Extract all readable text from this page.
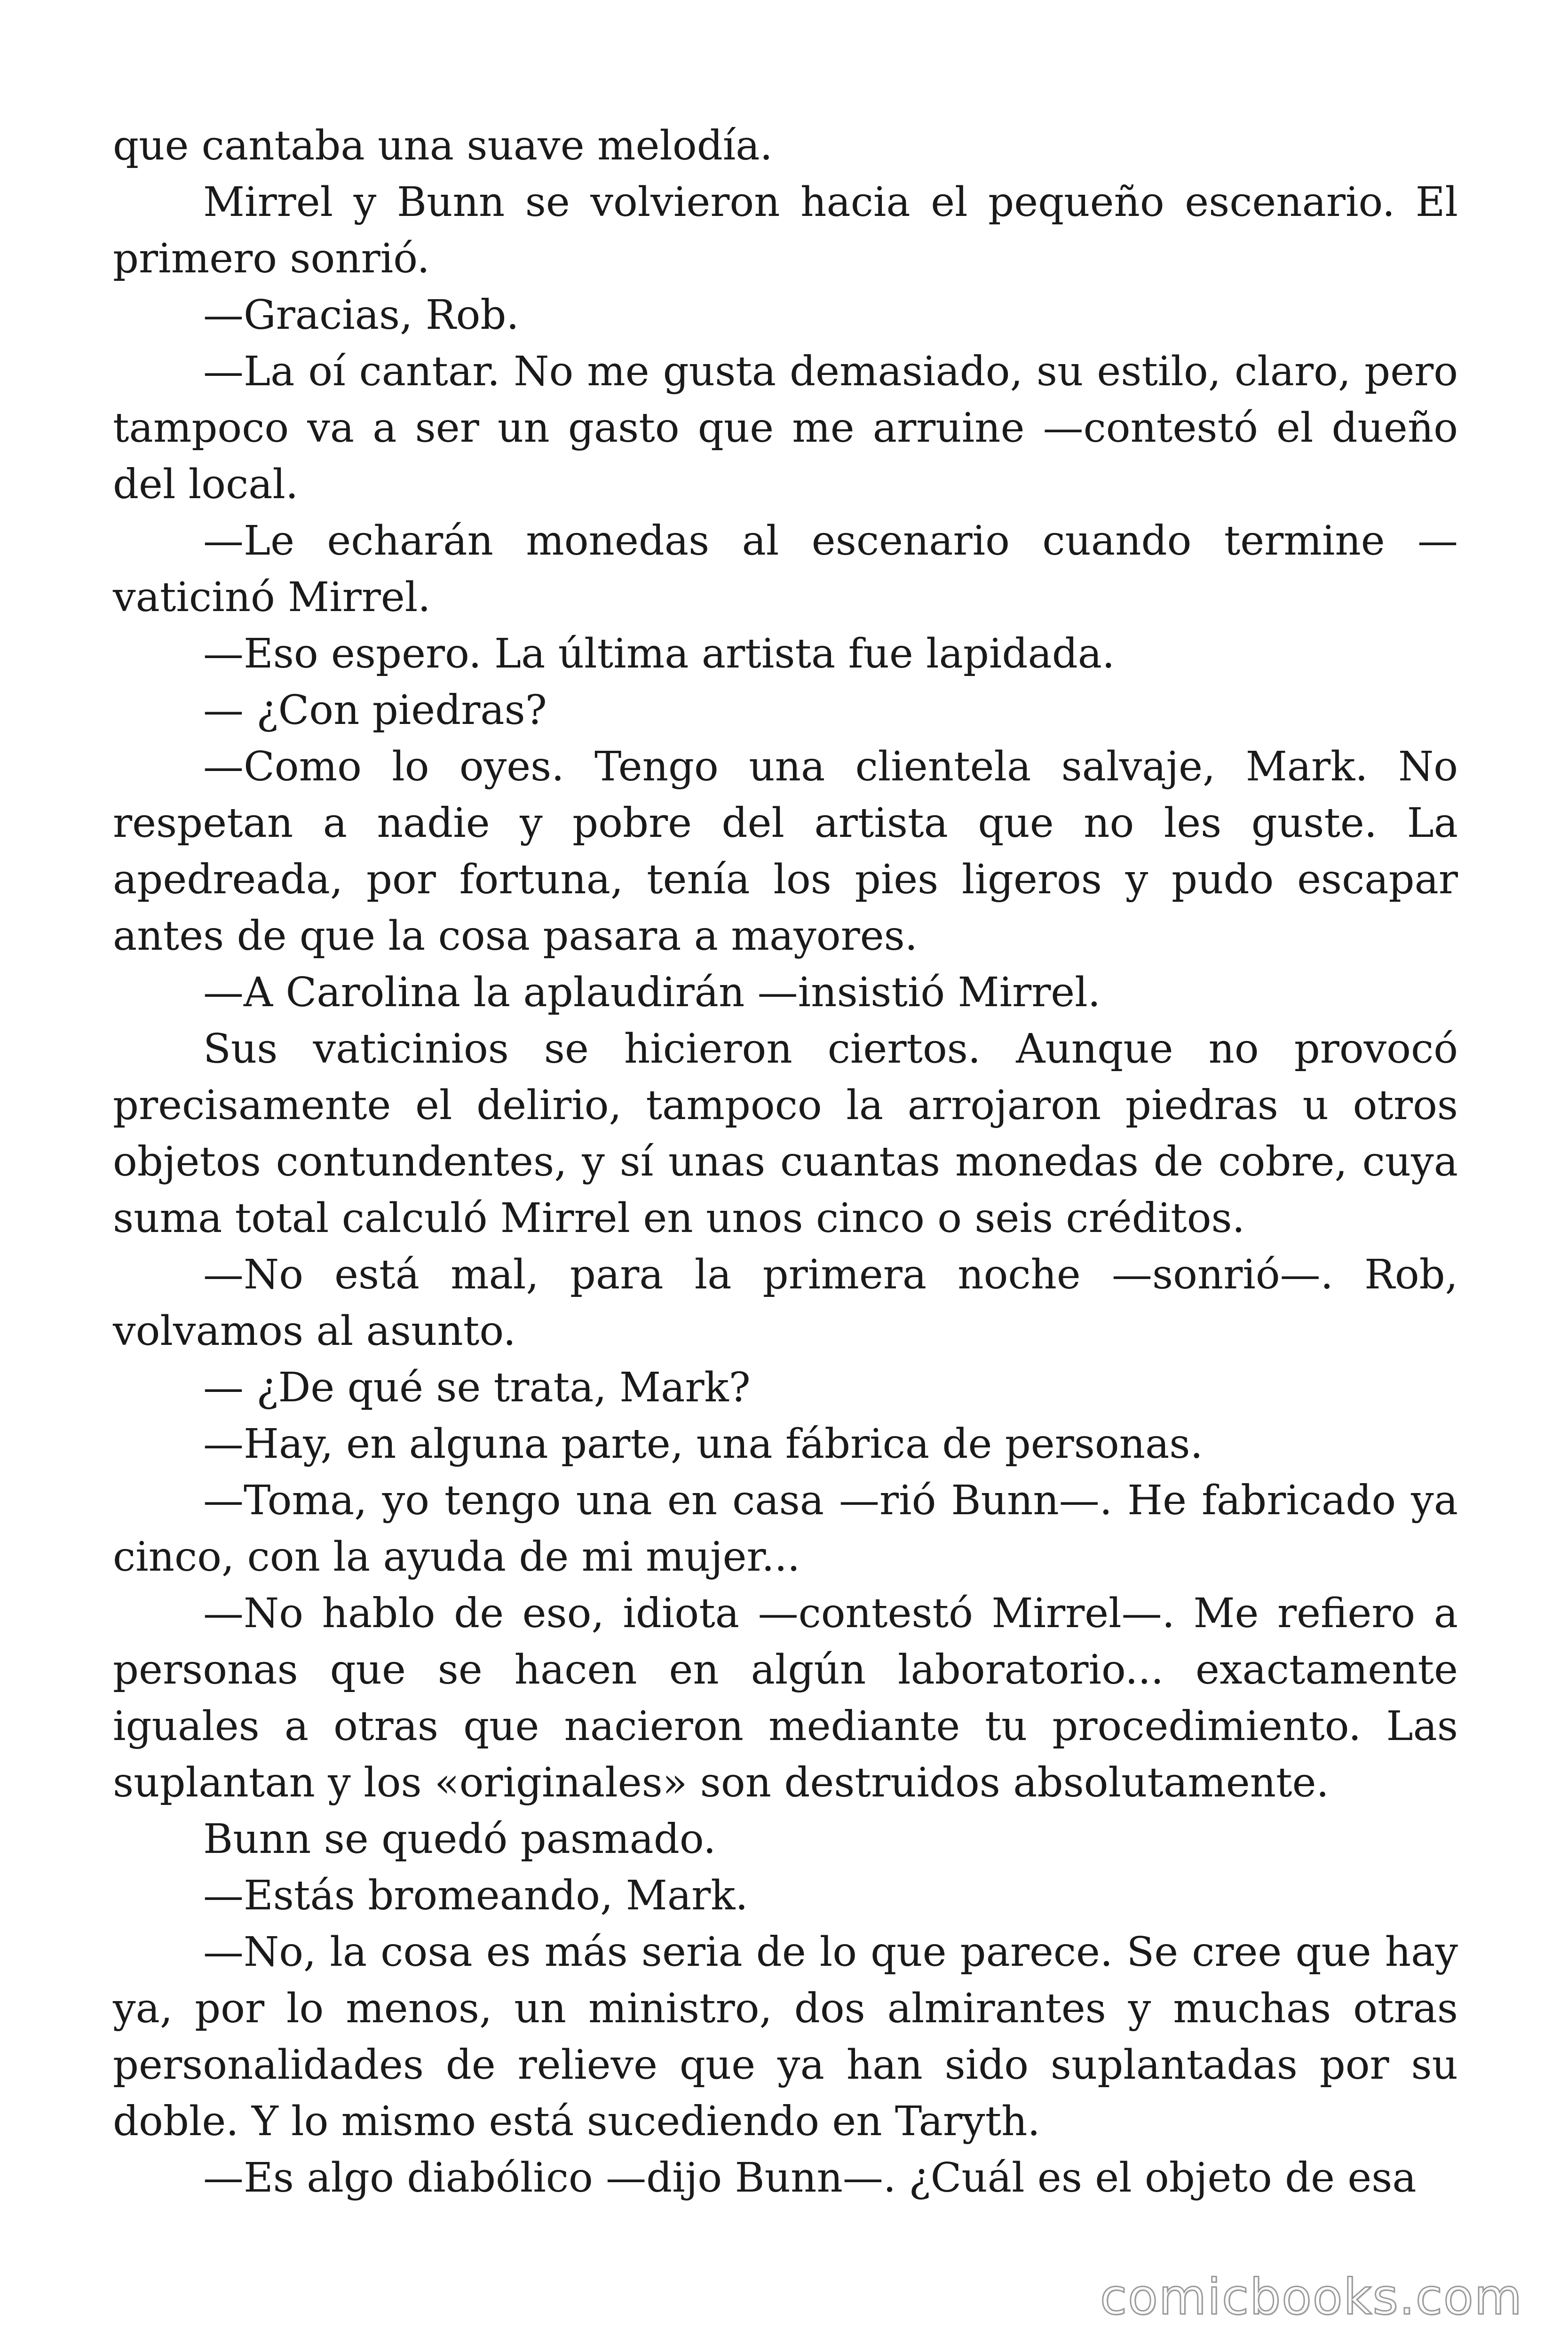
que cantaba una suave melodía.

Mirrel y Bunn se volvieron hacia el pequeño escenario. El primero sonrió.

—Gracias, Rob.

—La oí cantar. No me gusta demasiado, su estilo, claro, pero tampoco va a ser un gasto que me arruine —contestó el dueño del local.

—Le echarán monedas al escenario cuando termine —vaticinó Mirrel.

—Eso espero. La última artista fue lapidada.

— ¿Con piedras?

—Como lo oyes. Tengo una clientela salvaje, Mark. No respetan a nadie y pobre del artista que no les guste. La apedreada, por fortuna, tenía los pies ligeros y pudo escapar antes de que la cosa pasara a mayores.

—A Carolina la aplaudirán —insistió Mirrel.

Sus vaticinios se hicieron ciertos. Aunque no provocó precisamente el delirio, tampoco la arrojaron piedras u otros objetos contundentes, y sí unas cuantas monedas de cobre, cuya suma total calculó Mirrel en unos cinco o seis créditos.

—No está mal, para la primera noche —sonrió—. Rob, volvamos al asunto.

— ¿De qué se trata, Mark?

—Hay, en alguna parte, una fábrica de personas.

—Toma, yo tengo una en casa —rió Bunn—. He fabricado ya cinco, con la ayuda de mi mujer...

—No hablo de eso, idiota —contestó Mirrel—. Me refiero a personas que se hacen en algún laboratorio... exactamente iguales a otras que nacieron mediante tu procedimiento. Las suplantan y los «originales» son destruidos absolutamente.

Bunn se quedó pasmado.

—Estás bromeando, Mark.

—No, la cosa es más seria de lo que parece. Se cree que hay ya, por lo menos, un ministro, dos almirantes y muchas otras personalidades de relieve que ya han sido suplantadas por su doble. Y lo mismo está sucediendo en Taryth.

—Es algo diabólico —dijo Bunn—. ¿Cuál es el objeto de esa

comicbooks.com
